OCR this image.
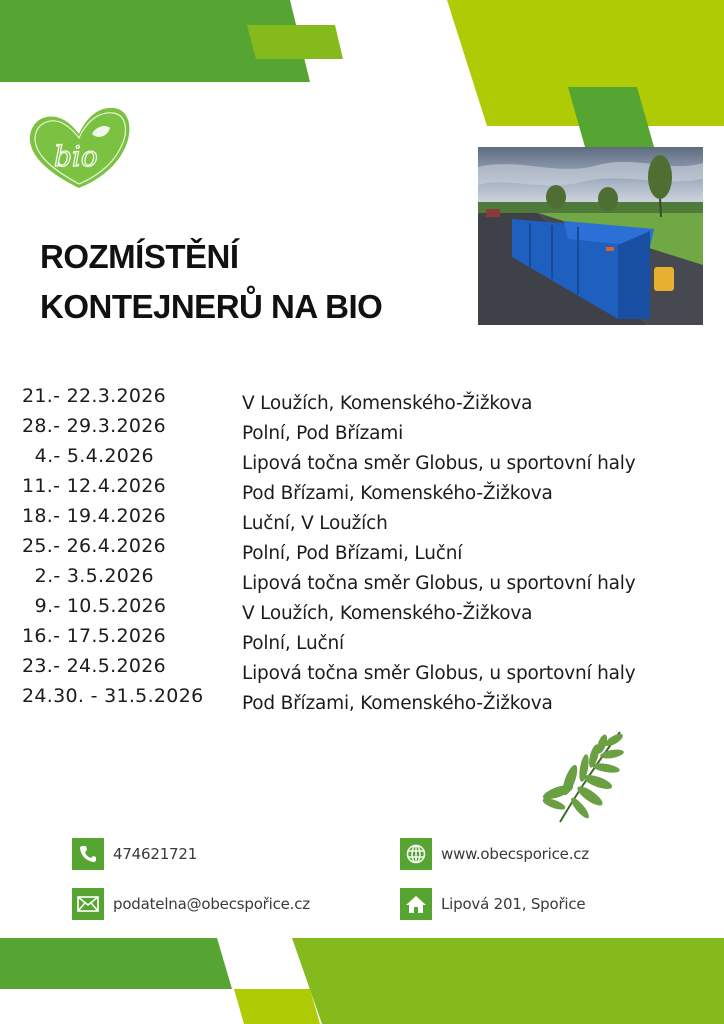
bio
ROZMÍSTĚNÍ
KONTEJNERŮ NA BIO
21.- 22.3.2026	V Loužích, Komenského-Žižkova
28.- 29.3.2026	Polní, Pod Břízami
4.- 5.4.2026	Lipová točna směr Globus, u sportovní haly
11.- 12.4.2026	Pod Břízami, Komenského-Žižkova
18.- 19.4.2026	Luční, V Loužích
25.- 26.4.2026	Polní, Pod Břízami, Luční
2.- 3.5.2026	Lipová točna směr Globus, u sportovní haly
9.- 10.5.2026	V Loužích, Komenského-Žižkova
16.- 17.5.2026	Polní, Luční
23.- 24.5.2026	Lipová točna směr Globus, u sportovní haly
24.30. - 31.5.2026	Pod Břízami, Komenského-Žižkova
474621721
podatelna@obecspořice.cz
www.obecsporice.cz
Lipová 201, Spořice
